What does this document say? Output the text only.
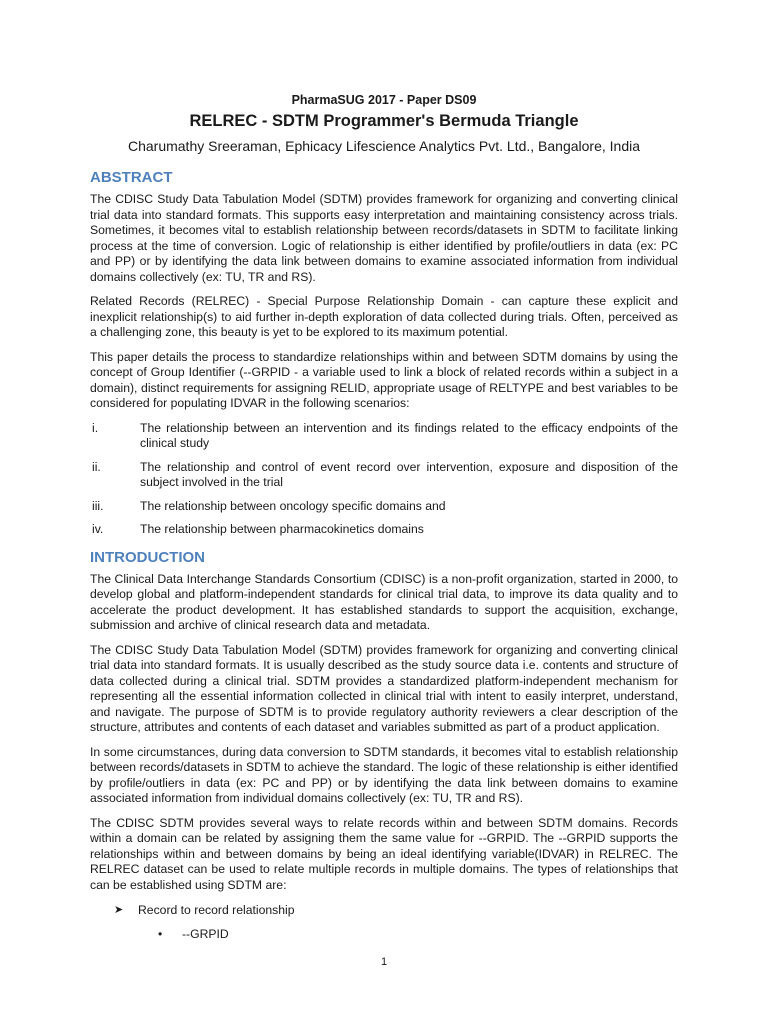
PharmaSUG 2017 - Paper DS09

RELREC - SDTM Programmer's Bermuda Triangle

Charumathy Sreeraman, Ephicacy Lifescience Analytics Pvt. Ltd., Bangalore, India

ABSTRACT

The CDISC Study Data Tabulation Model (SDTM) provides framework for organizing and converting clinical trial data into standard formats. This supports easy interpretation and maintaining consistency across trials. Sometimes, it becomes vital to establish relationship between records/datasets in SDTM to facilitate linking process at the time of conversion. Logic of relationship is either identified by profile/outliers in data (ex: PC and PP) or by identifying the data link between domains to examine associated information from individual domains collectively (ex: TU, TR and RS).

Related Records (RELREC) - Special Purpose Relationship Domain - can capture these explicit and inexplicit relationship(s) to aid further in-depth exploration of data collected during trials. Often, perceived as a challenging zone, this beauty is yet to be explored to its maximum potential.

This paper details the process to standardize relationships within and between SDTM domains by using the concept of Group Identifier (--GRPID - a variable used to link a block of related records within a subject in a domain), distinct requirements for assigning RELID, appropriate usage of RELTYPE and best variables to be considered for populating IDVAR in the following scenarios:

i.	The relationship between an intervention and its findings related to the efficacy endpoints of the clinical study
ii.	The relationship and control of event record over intervention, exposure and disposition of the subject involved in the trial
iii.	The relationship between oncology specific domains and
iv.	The relationship between pharmacokinetics domains
INTRODUCTION

The Clinical Data Interchange Standards Consortium (CDISC) is a non-profit organization, started in 2000, to develop global and platform-independent standards for clinical trial data, to improve its data quality and to accelerate the product development. It has established standards to support the acquisition, exchange, submission and archive of clinical research data and metadata.

The CDISC Study Data Tabulation Model (SDTM) provides framework for organizing and converting clinical trial data into standard formats. It is usually described as the study source data i.e. contents and structure of data collected during a clinical trial. SDTM provides a standardized platform-independent mechanism for representing all the essential information collected in clinical trial with intent to easily interpret, understand, and navigate. The purpose of SDTM is to provide regulatory authority reviewers a clear description of the structure, attributes and contents of each dataset and variables submitted as part of a product application.

In some circumstances, during data conversion to SDTM standards, it becomes vital to establish relationship between records/datasets in SDTM to achieve the standard. The logic of these relationship is either identified by profile/outliers in data (ex: PC and PP) or by identifying the data link between domains to examine associated information from individual domains collectively (ex: TU, TR and RS).

The CDISC SDTM provides several ways to relate records within and between SDTM domains. Records within a domain can be related by assigning them the same value for --GRPID. The --GRPID supports the relationships within and between domains by being an ideal identifying variable(IDVAR) in RELREC. The RELREC dataset can be used to relate multiple records in multiple domains. The types of relationships that can be established using SDTM are:

➤ Record to record relationship
• --GRPID
1
